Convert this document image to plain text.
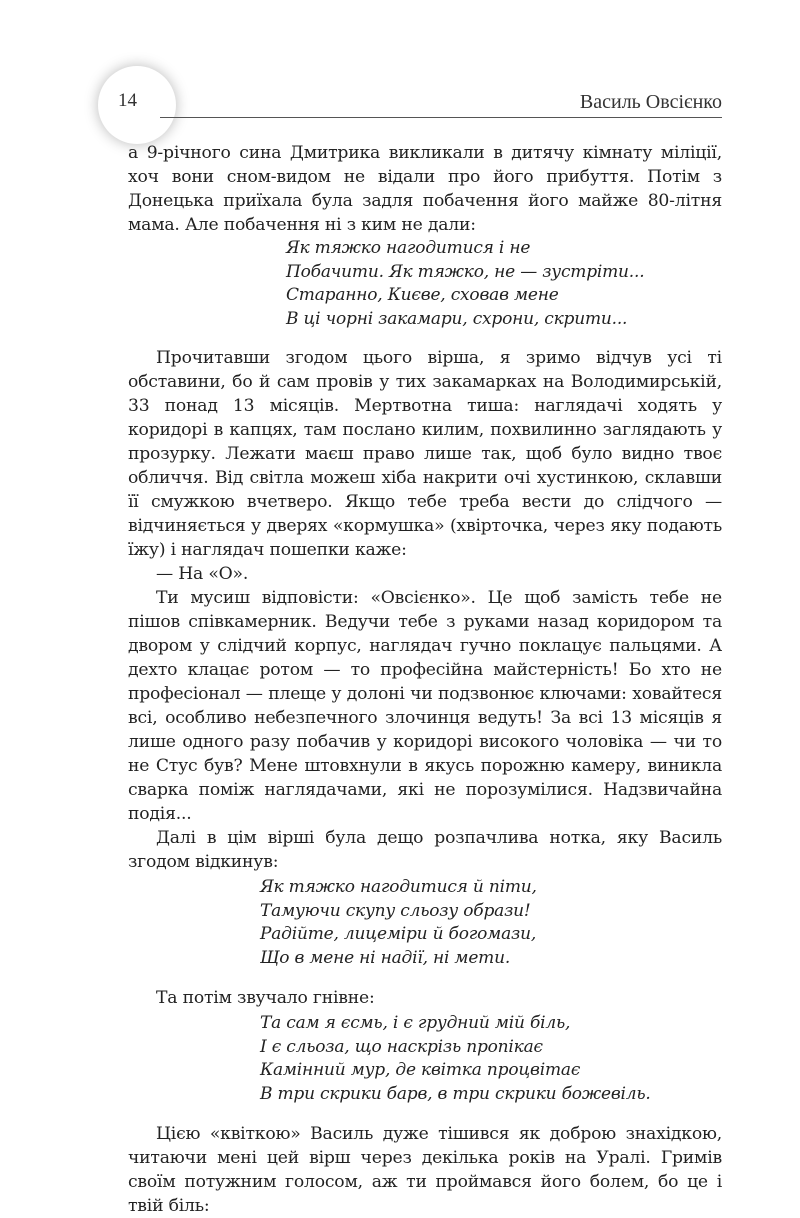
14	Василь Овсієнко

а 9-річного сина Дмитрика викликали в дитячу кімнату міліції, хоч вони сном-видом не відали про його прибуття. Потім з Донецька приїхала була задля побачення його майже 80-літня мама. Але побачення ні з ким не дали:

Як тяжко нагодитися і не
Побачити. Як тяжко, не — зустріти...
Старанно, Києве, сховав мене
В ці чорні закамари, схрони, скрити...

Прочитавши згодом цього вірша, я зримо відчув усі ті обставини, бо й сам провів у тих закамарках на Володимирській, 33 понад 13 місяців. Мертвотна тиша: наглядачі ходять у коридорі в капцях, там послано килим, похвилинно заглядають у прозурку. Лежати маєш право лише так, щоб було видно твоє обличчя. Від світла можеш хіба накрити очі хустинкою, склавши її смужкою вчетверо. Якщо тебе треба вести до слідчого — відчиняється у дверях «кормушка» (хвірточка, через яку подають їжу) і наглядач пошепки каже:

— На «О».

Ти мусиш відповісти: «Овсієнко». Це щоб замість тебе не пішов співкамерник. Ведучи тебе з руками назад коридором та двором у слідчий корпус, наглядач гучно поклацує пальцями. А дехто клацає ротом — то професійна майстерність! Бо хто не професіонал — плеще у долоні чи подзвонює ключами: ховайтеся всі, особливо небезпечного злочинця ведуть! За всі 13 місяців я лише одного разу побачив у коридорі високого чоловіка — чи то не Стус був? Мене штовхнули в якусь порожню камеру, виникла сварка поміж наглядачами, які не порозумілися. Надзвичайна подія...

Далі в цім вірші була дещо розпачлива нотка, яку Василь згодом відкинув:

Як тяжко нагодитися й піти,
Тамуючи скупу сльозу образи!
Радійте, лицеміри й богомази,
Що в мене ні надії, ні мети.

Та потім звучало гнівне:

Та сам я єсмь, і є грудний мій біль,
І є сльоза, що наскрізь пропікає
Камінний мур, де квітка процвітає
В три скрики барв, в три скрики божевіль.

Цією «квіткою» Василь дуже тішився як доброю знахідкою, читаючи мені цей вірш через декілька років на Уралі. Гримів своїм потужним голосом, аж ти проймався його болем, бо це і твій біль:
